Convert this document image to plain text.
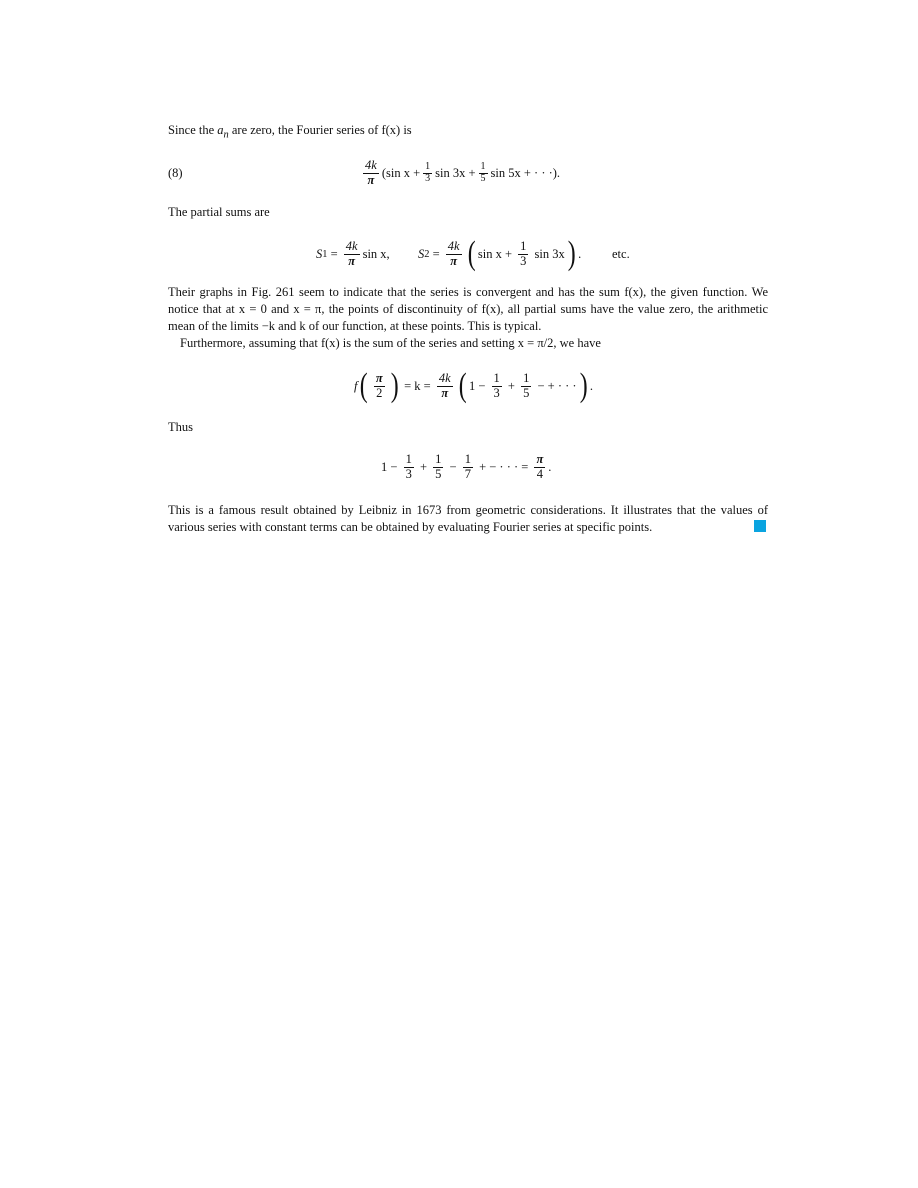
Since the $a_n$ are zero, the Fourier series of f(x) is
(8)	$\frac{4k}{\pi} (\sin$ $x + \frac{1}{3}$ $\sin 3x + \frac{1}{5}$ sin 5x + · · ·).
The partial sums are
S $1 = \frac{4k}{\pi}$ sin x, S $2 = \frac{4k}{\pi}$ ( $\sin x + \frac{1}{3}$ sin 3x ) . etc.

Their graphs in Fig. 261 seem to indicate that the series is convergent and has the sum f(x), the given function. We notice that at x = 0 and x = π, the points of discontinuity of f(x), all partial sums have the value zero, the arithmetic mean of the limits −k and k of our function, at these points. This is typical.

Furthermore, assuming that f(x) is the sum of the series and setting x = π/2, we have

f ( $\frac{\pi}{2}$ ) = $k = \frac{4k}{\pi}$ ( $1 - \frac{1}{3} + \frac{1}{5}$ − + · · · ) .
Thus
$1 - \frac{1}{3} + \frac{1}{5} - \frac{1}{7}$ + − · · · = $\frac{\pi}{4}$ .

This is a famous result obtained by Leibniz in 1673 from geometric considerations. It illustrates that the values of various series with constant terms can be obtained by evaluating Fourier series at specific points.
